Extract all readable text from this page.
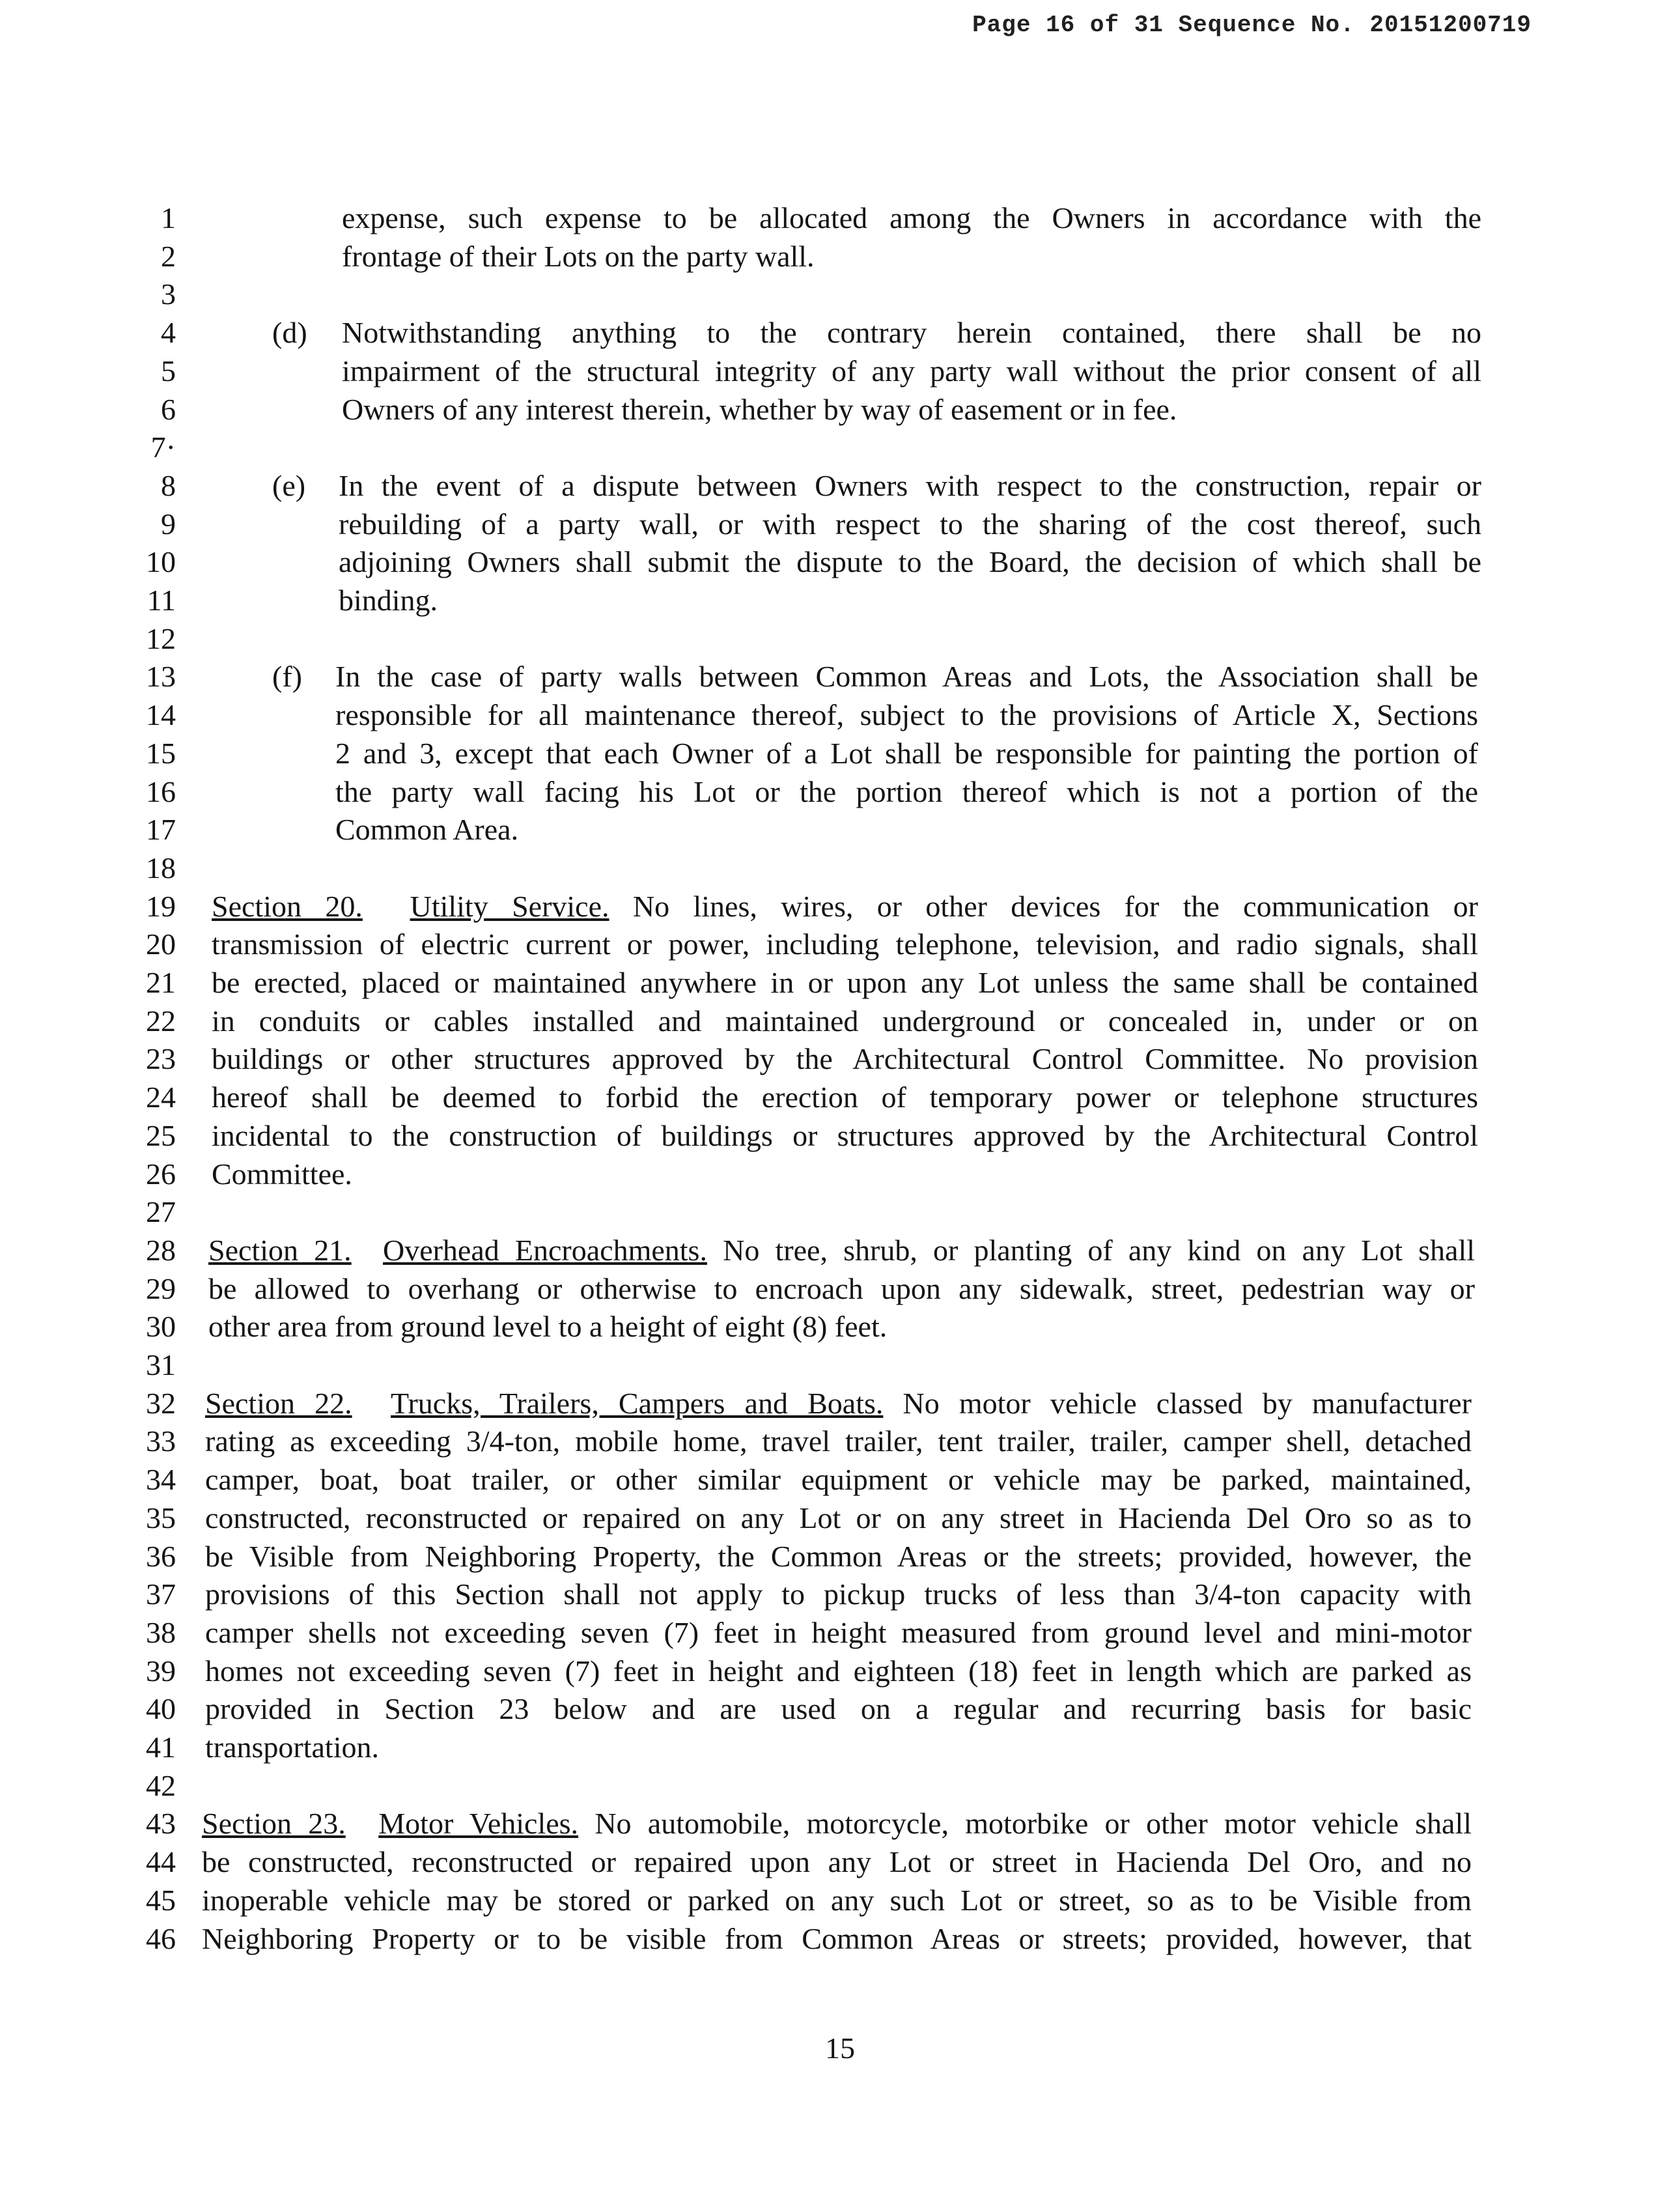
Page 16 of 31 Sequence No. 20151200719
1	expense, such expense to be allocated among the Owners in accordance with the
2	frontage of their Lots on the party wall.
3
4	(d) Notwithstanding anything to the contrary herein contained, there shall be no
5	impairment of the structural integrity of any party wall without the prior consent of all
6	Owners of any interest therein, whether by way of easement or in fee.
7·
8	(e) In the event of a dispute between Owners with respect to the construction, repair or
9	rebuilding of a party wall, or with respect to the sharing of the cost thereof, such
10	adjoining Owners shall submit the dispute to the Board, the decision of which shall be
11	binding.
12
13	(f) In the case of party walls between Common Areas and Lots, the Association shall be
14	responsible for all maintenance thereof, subject to the provisions of Article X, Sections
15	2 and 3, except that each Owner of a Lot shall be responsible for painting the portion of
16	the party wall facing his Lot or the portion thereof which is not a portion of the
17	Common Area.
18
19 Section 20. Utility Service. No lines, wires, or other devices for the communication or
20 transmission of electric current or power, including telephone, television, and radio signals, shall
21 be erected, placed or maintained anywhere in or upon any Lot unless the same shall be contained
22 in conduits or cables installed and maintained underground or concealed in, under or on
23 buildings or other structures approved by the Architectural Control Committee. No provision
24 hereof shall be deemed to forbid the erection of temporary power or telephone structures
25 incidental to the construction of buildings or structures approved by the Architectural Control
26 Committee.
27
28 Section 21. Overhead Encroachments. No tree, shrub, or planting of any kind on any Lot shall
29 be allowed to overhang or otherwise to encroach upon any sidewalk, street, pedestrian way or
30 other area from ground level to a height of eight (8) feet.
31
32 Section 22. Trucks, Trailers, Campers and Boats. No motor vehicle classed by manufacturer
33 rating as exceeding 3/4-ton, mobile home, travel trailer, tent trailer, trailer, camper shell, detached
34 camper, boat, boat trailer, or other similar equipment or vehicle may be parked, maintained,
35 constructed, reconstructed or repaired on any Lot or on any street in Hacienda Del Oro so as to
36 be Visible from Neighboring Property, the Common Areas or the streets; provided, however, the
37 provisions of this Section shall not apply to pickup trucks of less than 3/4-ton capacity with
38 camper shells not exceeding seven (7) feet in height measured from ground level and mini-motor
39 homes not exceeding seven (7) feet in height and eighteen (18) feet in length which are parked as
40 provided in Section 23 below and are used on a regular and recurring basis for basic
41 transportation.
42
43 Section 23. Motor Vehicles. No automobile, motorcycle, motorbike or other motor vehicle shall
44 be constructed, reconstructed or repaired upon any Lot or street in Hacienda Del Oro, and no
45 inoperable vehicle may be stored or parked on any such Lot or street, so as to be Visible from
46 Neighboring Property or to be visible from Common Areas or streets; provided, however, that
15
